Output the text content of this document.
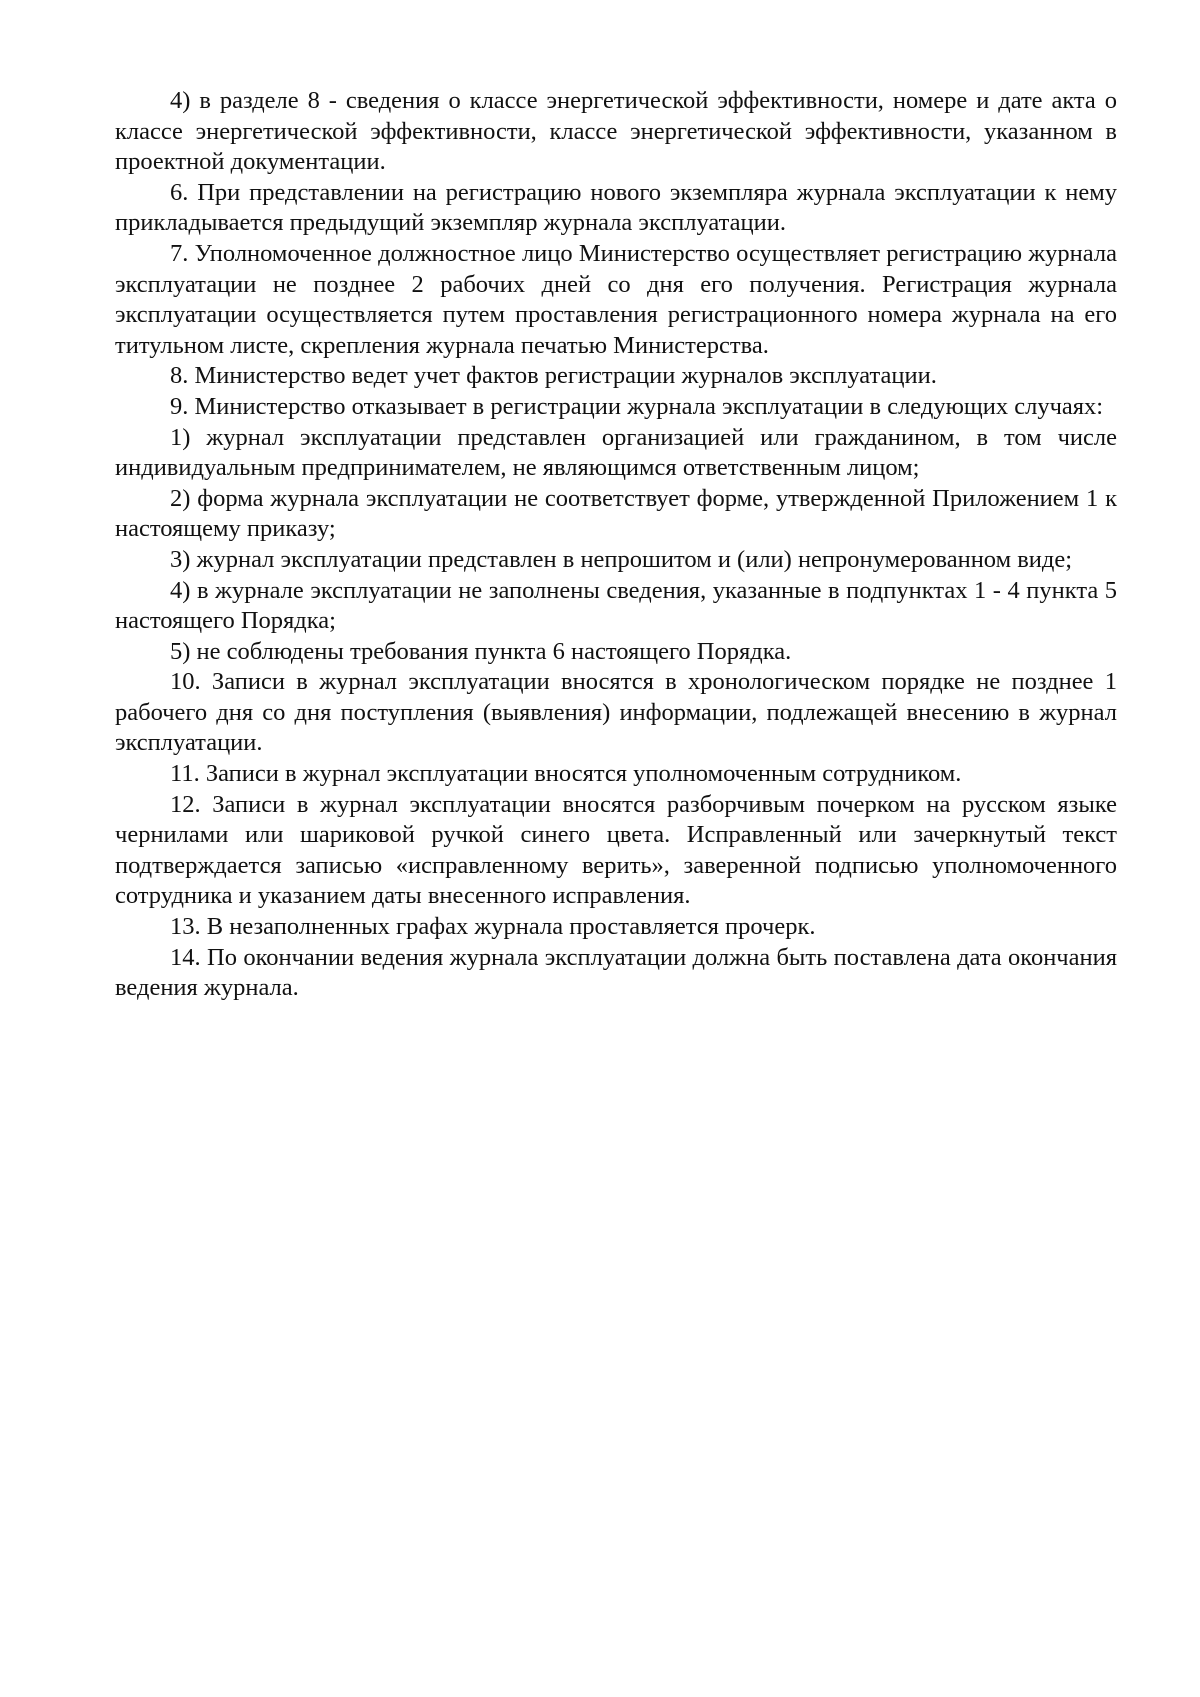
4) в разделе 8 - сведения о классе энергетической эффективности, номере и дате акта о классе энергетической эффективности, классе энергетической эффективности, указанном в проектной документации.

6. При представлении на регистрацию нового экземпляра журнала эксплуатации к нему прикладывается предыдущий экземпляр журнала эксплуатации.

7. Уполномоченное должностное лицо Министерство осуществляет регистрацию журнала эксплуатации не позднее 2 рабочих дней со дня его получения. Регистрация журнала эксплуатации осуществляется путем проставления регистрационного номера журнала на его титульном листе, скрепления журнала печатью Министерства.

8. Министерство ведет учет фактов регистрации журналов эксплуатации.

9. Министерство отказывает в регистрации журнала эксплуатации в следующих случаях:

1) журнал эксплуатации представлен организацией или гражданином, в том числе индивидуальным предпринимателем, не являющимся ответственным лицом;

2) форма журнала эксплуатации не соответствует форме, утвержденной Приложением 1 к настоящему приказу;

3) журнал эксплуатации представлен в непрошитом и (или) непронумерованном виде;

4) в журнале эксплуатации не заполнены сведения, указанные в подпунктах 1 - 4 пункта 5 настоящего Порядка;

5) не соблюдены требования пункта 6 настоящего Порядка.

10. Записи в журнал эксплуатации вносятся в хронологическом порядке не позднее 1 рабочего дня со дня поступления (выявления) информации, подлежащей внесению в журнал эксплуатации.

11. Записи в журнал эксплуатации вносятся уполномоченным сотрудником.

12. Записи в журнал эксплуатации вносятся разборчивым почерком на русском языке чернилами или шариковой ручкой синего цвета. Исправленный или зачеркнутый текст подтверждается записью «исправленному верить», заверенной подписью уполномоченного сотрудника и указанием даты внесенного исправления.

13. В незаполненных графах журнала проставляется прочерк.

14. По окончании ведения журнала эксплуатации должна быть поставлена дата окончания ведения журнала.
